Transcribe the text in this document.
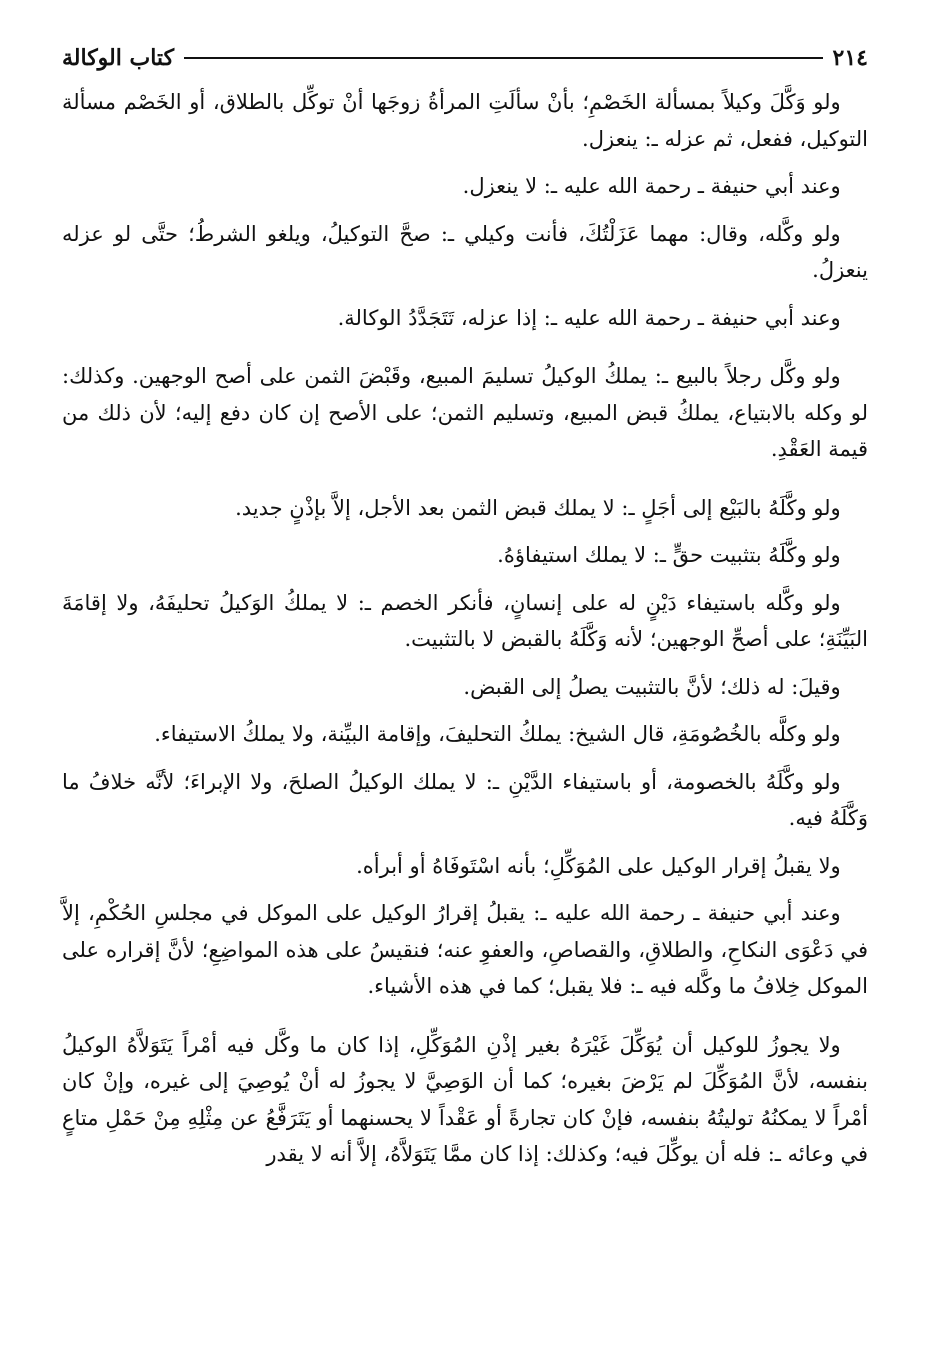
٢١٤
كتاب الوكالة

ولو وَكَّلَ وكيلاً بمسألة الخَصْمِ؛ بأنْ سألَتِ المرأةُ زوجَها أنْ توكِّل بالطلاق، أو الخَصْم مسألة التوكيل، ففعل، ثم عزله ـ: ينعزل.

وعند أبي حنيفة ـ رحمة الله عليه ـ: لا ينعزل.

ولو وكَّله، وقال: مهما عَزَلْتُكَ، فأنت وكيلي ـ: صحَّ التوكيلُ، ويلغو الشرطُ؛ حتَّى لو عزله ينعزلُ.

وعند أبي حنيفة ـ رحمة الله عليه ـ: إذا عزله، تَتَجَدَّدُ الوكالة.

ولو وكَّل رجلاً بالبيع ـ: يملكُ الوكيلُ تسليمَ المبيع، وقَبْضَ الثمن على أصح الوجهين. وكذلك: لو وكله بالابتياع، يملكُ قبض المبيع، وتسليم الثمن؛ على الأصح إن كان دفع إليه؛ لأن ذلك من قيمة العَقْدِ.

ولو وكَّلَهُ بالبَيْع إلى أجَلٍ ـ: لا يملك قبض الثمن بعد الأجل، إلاَّ بإذْنٍ جديد.

ولو وكَّلَهُ بتثبيت حقٍّ ـ: لا يملك استيفاؤهُ.

ولو وكَّله باستيفاء دَيْنٍ له على إنسانٍ، فأنكر الخصم ـ: لا يملكُ الوَكيلُ تحليفَهُ، ولا إقامَةَ البَيِّنَةِ؛ على أصحِّ الوجهين؛ لأنه وَكَّلَهُ بالقبض لا بالتثبيت.

وقيلَ: له ذلك؛ لأنَّ بالتثبيت يصلُ إلى القبض.

ولو وكلَّه بالخُصُومَةِ، قال الشيخ: يملكُ التحليفَ، وإقامة البيِّنة، ولا يملكُ الاستيفاء.

ولو وكَّلَهُ بالخصومة، أو باستيفاء الدَّيْنِ ـ: لا يملك الوكيلُ الصلحَ، ولا الإبراءَ؛ لأنَّه خلافُ ما وَكَّلَهُ فيه.

ولا يقبلُ إقرار الوكيل على المُوَكِّلِ؛ بأنه اسْتَوفَاهُ أو أبرأه.

وعند أبي حنيفة ـ رحمة الله عليه ـ: يقبلُ إقرارُ الوكيل على الموكل في مجلسِ الحُكْمِ، إلاَّ في دَعْوَى النكاحِ، والطلاقِ، والقصاصِ، والعفوِ عنه؛ فنقيسُ على هذه المواضِعِ؛ لأنَّ إقراره على الموكل خِلافُ ما وكَّله فيه ـ: فلا يقبل؛ كما في هذه الأشياء.

ولا يجوزُ للوكيل أن يُوَكِّلَ غَيْرَهُ بغير إذْنِ المُوَكِّلِ، إذا كان ما وكَّل فيه أمْراً يَتَوَلاَّهُ الوكيلُ بنفسه، لأنَّ المُوَكِّلَ لم يَرْضَ بغيره؛ كما أن الوَصِيَّ لا يجوزُ له أنْ يُوصِيَ إلى غيره، وإنْ كان أمْراً لا يمكنُهُ توليتُهُ بنفسه، فإنْ كان تجارةً أو عَقْداً لا يحسنهما أو يَتَرَفَّعُ عن مِثْلِهِ مِنْ حَمْلِ متاعٍ في وعائه ـ: فله أن يوكِّلَ فيه؛ وكذلك: إذا كان ممَّا يَتَوَلاَّهُ، إلاَّ أنه لا يقدر
